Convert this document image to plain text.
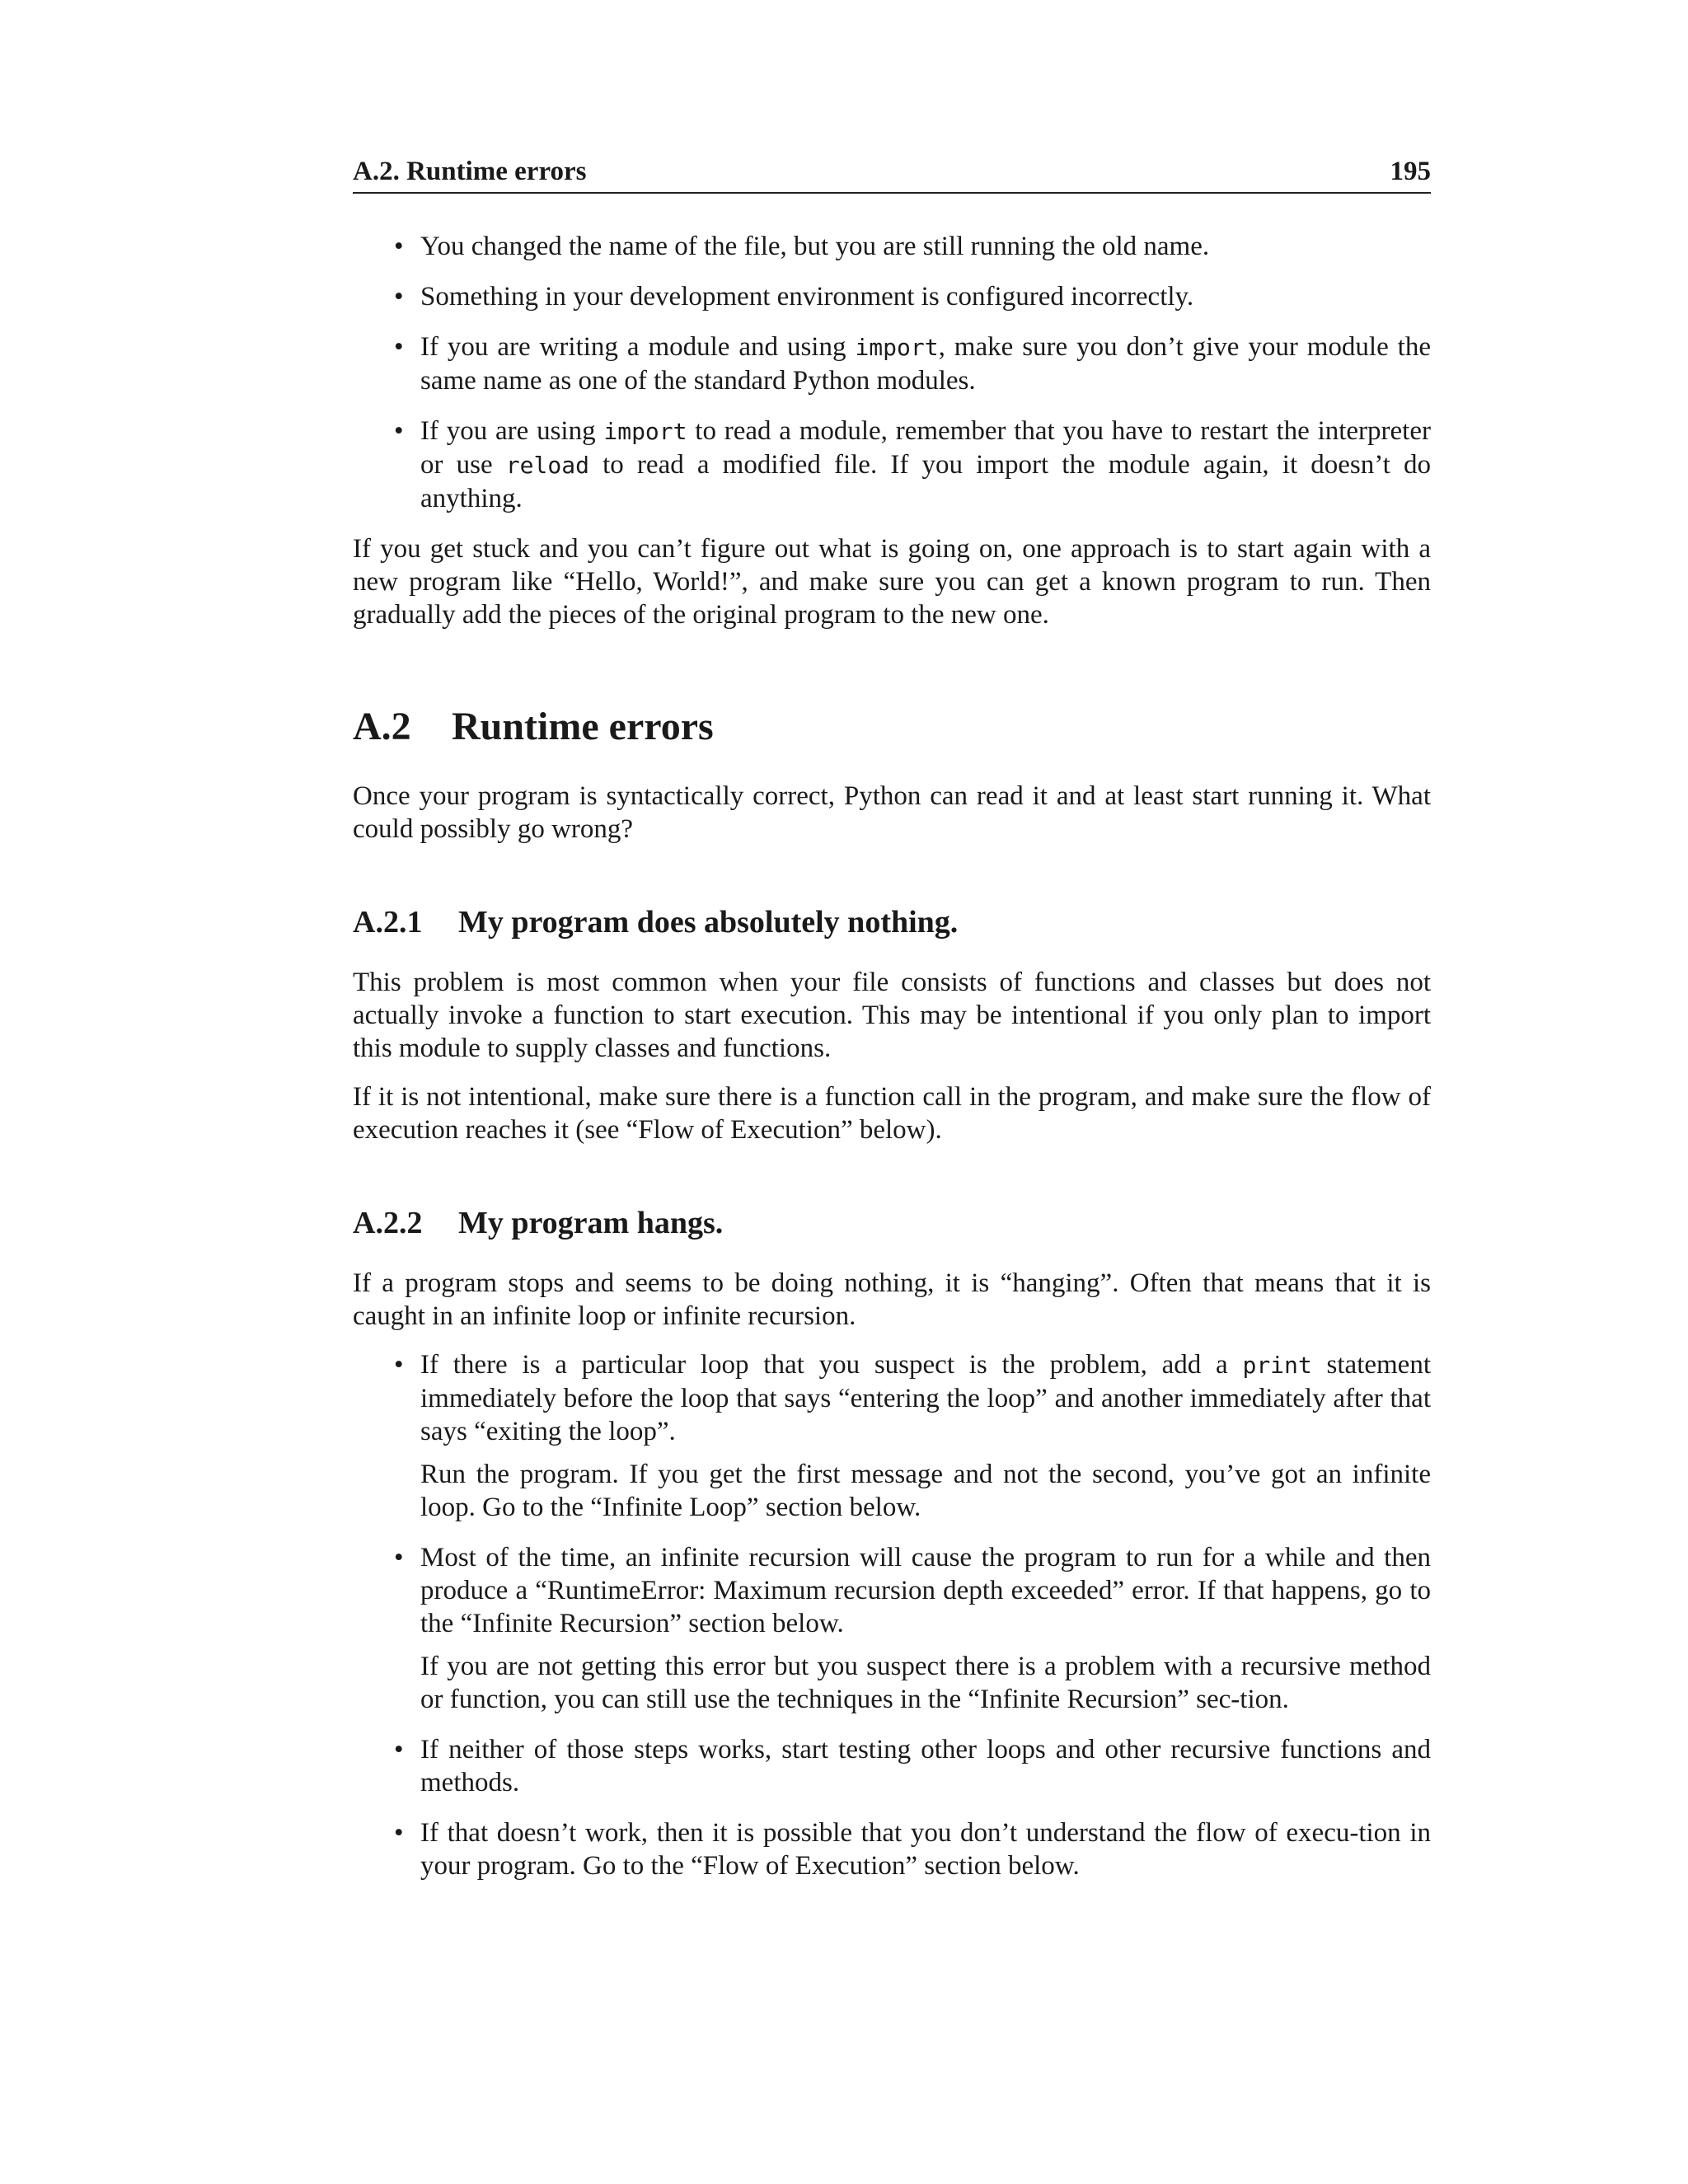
A.2. Runtime errors	195
• You changed the name of the file, but you are still running the old name.
• Something in your development environment is configured incorrectly.
• If you are writing a module and using import, make sure you don’t give your module the same name as one of the standard Python modules.
• If you are using import to read a module, remember that you have to restart the interpreter or use reload to read a modified file. If you import the module again, it doesn’t do anything.

If you get stuck and you can’t figure out what is going on, one approach is to start again with a new program like “Hello, World!”, and make sure you can get a known program to run. Then gradually add the pieces of the original program to the new one.

A.2 Runtime errors

Once your program is syntactically correct, Python can read it and at least start running it. What could possibly go wrong?

A.2.1 My program does absolutely nothing.

This problem is most common when your file consists of functions and classes but does not actually invoke a function to start execution. This may be intentional if you only plan to import this module to supply classes and functions.

If it is not intentional, make sure there is a function call in the program, and make sure the flow of execution reaches it (see “Flow of Execution” below).

A.2.2 My program hangs.

If a program stops and seems to be doing nothing, it is “hanging”. Often that means that it is caught in an infinite loop or infinite recursion.

• If there is a particular loop that you suspect is the problem, add a print statement immediately before the loop that says “entering the loop” and another immediately after that says “exiting the loop”.

Run the program. If you get the first message and not the second, you’ve got an infinite loop. Go to the “Infinite Loop” section below.

• Most of the time, an infinite recursion will cause the program to run for a while and then produce a “RuntimeError: Maximum recursion depth exceeded” error. If that happens, go to the “Infinite Recursion” section below.

If you are not getting this error but you suspect there is a problem with a recursive method or function, you can still use the techniques in the “Infinite Recursion” sec-tion.

• If neither of those steps works, start testing other loops and other recursive functions and methods.
• If that doesn’t work, then it is possible that you don’t understand the flow of execu-tion in your program. Go to the “Flow of Execution” section below.
